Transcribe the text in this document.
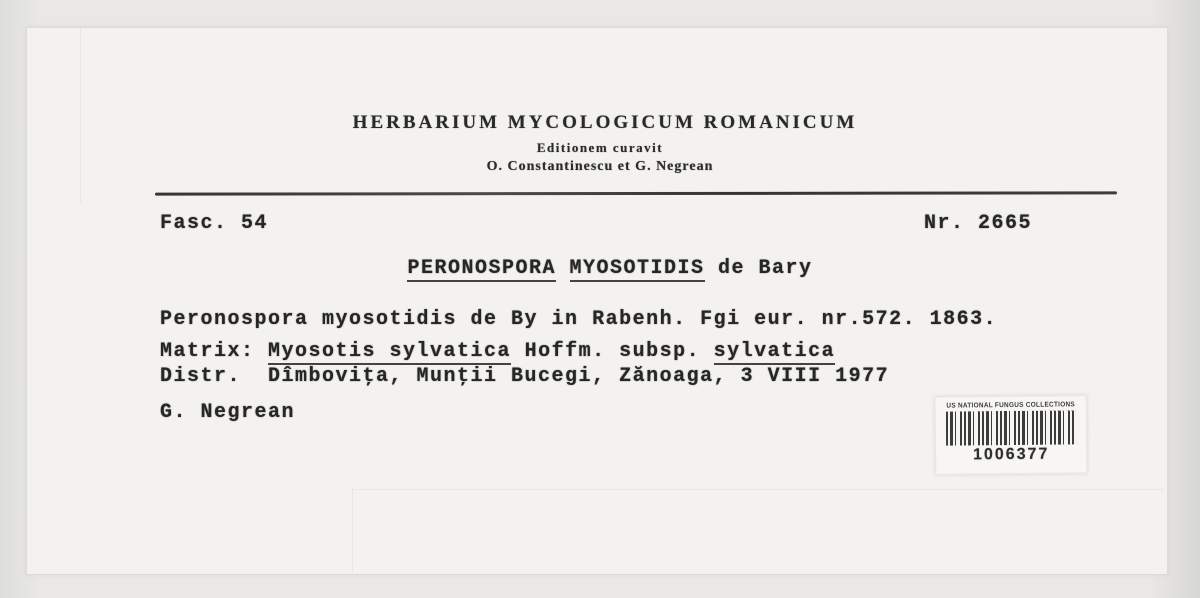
HERBARIUM MYCOLOGICUM ROMANICUM
Editionem curavit
O. Constantinescu et G. Negrean
Fasc. 54	Nr. 2665
PERONOSPORA MYOSOTIDIS de Bary
Peronospora myosotidis de By in Rabenh. Fgi eur. nr.572. 1863.
Matrix: Myosotis sylvatica Hoffm. subsp. sylvatica
Distr.  Dîmboviţa, Munţii Bucegi, Zănoaga, 3 VIII 1977
G. Negrean	US NATIONAL FUNGUS COLLECTIONS
1006377
